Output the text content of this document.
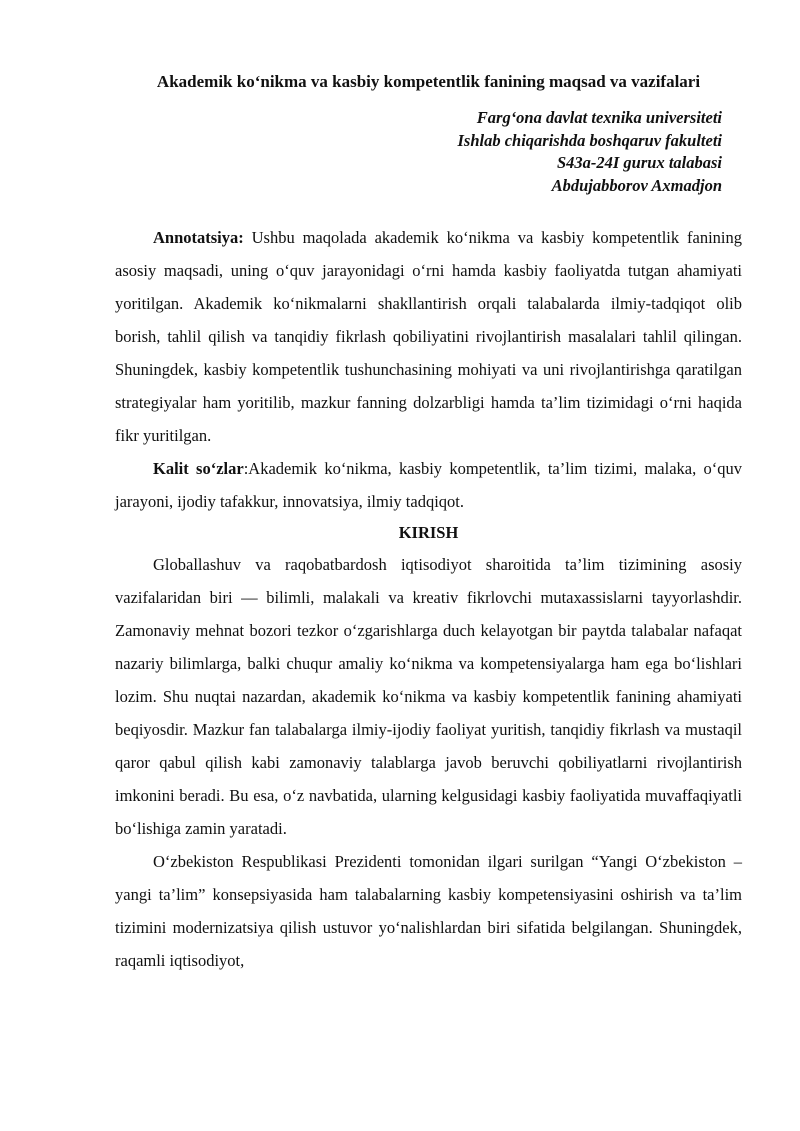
Akademik ko‘nikma va kasbiy kompetentlik fanining maqsad va vazifalari
Farg‘ona davlat texnika universiteti
Ishlab chiqarishda boshqaruv fakulteti
S43a-24I gurux talabasi
Abdujabborov Axmadjon

Annotatsiya: Ushbu maqolada akademik ko‘nikma va kasbiy kompetentlik fanining asosiy maqsadi, uning o‘quv jarayonidagi o‘rni hamda kasbiy faoliyatda tutgan ahamiyati yoritilgan. Akademik ko‘nikmalarni shakllantirish orqali talabalarda ilmiy-tadqiqot olib borish, tahlil qilish va tanqidiy fikrlash qobiliyatini rivojlantirish masalalari tahlil qilingan. Shuningdek, kasbiy kompetentlik tushunchasining mohiyati va uni rivojlantirishga qaratilgan strategiyalar ham yoritilib, mazkur fanning dolzarbligi hamda ta’lim tizimidagi o‘rni haqida fikr yuritilgan.

Kalit so‘zlar:Akademik ko‘nikma, kasbiy kompetentlik, ta’lim tizimi, malaka, o‘quv jarayoni, ijodiy tafakkur, innovatsiya, ilmiy tadqiqot.

KIRISH

Globallashuv va raqobatbardosh iqtisodiyot sharoitida ta’lim tizimining asosiy vazifalaridan biri — bilimli, malakali va kreativ fikrlovchi mutaxassislarni tayyorlashdir. Zamonaviy mehnat bozori tezkor o‘zgarishlarga duch kelayotgan bir paytda talabalar nafaqat nazariy bilimlarga, balki chuqur amaliy ko‘nikma va kompetensiyalarga ham ega bo‘lishlari lozim. Shu nuqtai nazardan, akademik ko‘nikma va kasbiy kompetentlik fanining ahamiyati beqiyosdir. Mazkur fan talabalarga ilmiy-ijodiy faoliyat yuritish, tanqidiy fikrlash va mustaqil qaror qabul qilish kabi zamonaviy talablarga javob beruvchi qobiliyatlarni rivojlantirish imkonini beradi. Bu esa, o‘z navbatida, ularning kelgusidagi kasbiy faoliyatida muvaffaqiyatli bo‘lishiga zamin yaratadi.

O‘zbekiston Respublikasi Prezidenti tomonidan ilgari surilgan “Yangi O‘zbekiston – yangi ta’lim” konsepsiyasida ham talabalarning kasbiy kompetensiyasini oshirish va ta’lim tizimini modernizatsiya qilish ustuvor yo‘nalishlardan biri sifatida belgilangan. Shuningdek, raqamli iqtisodiyot,
